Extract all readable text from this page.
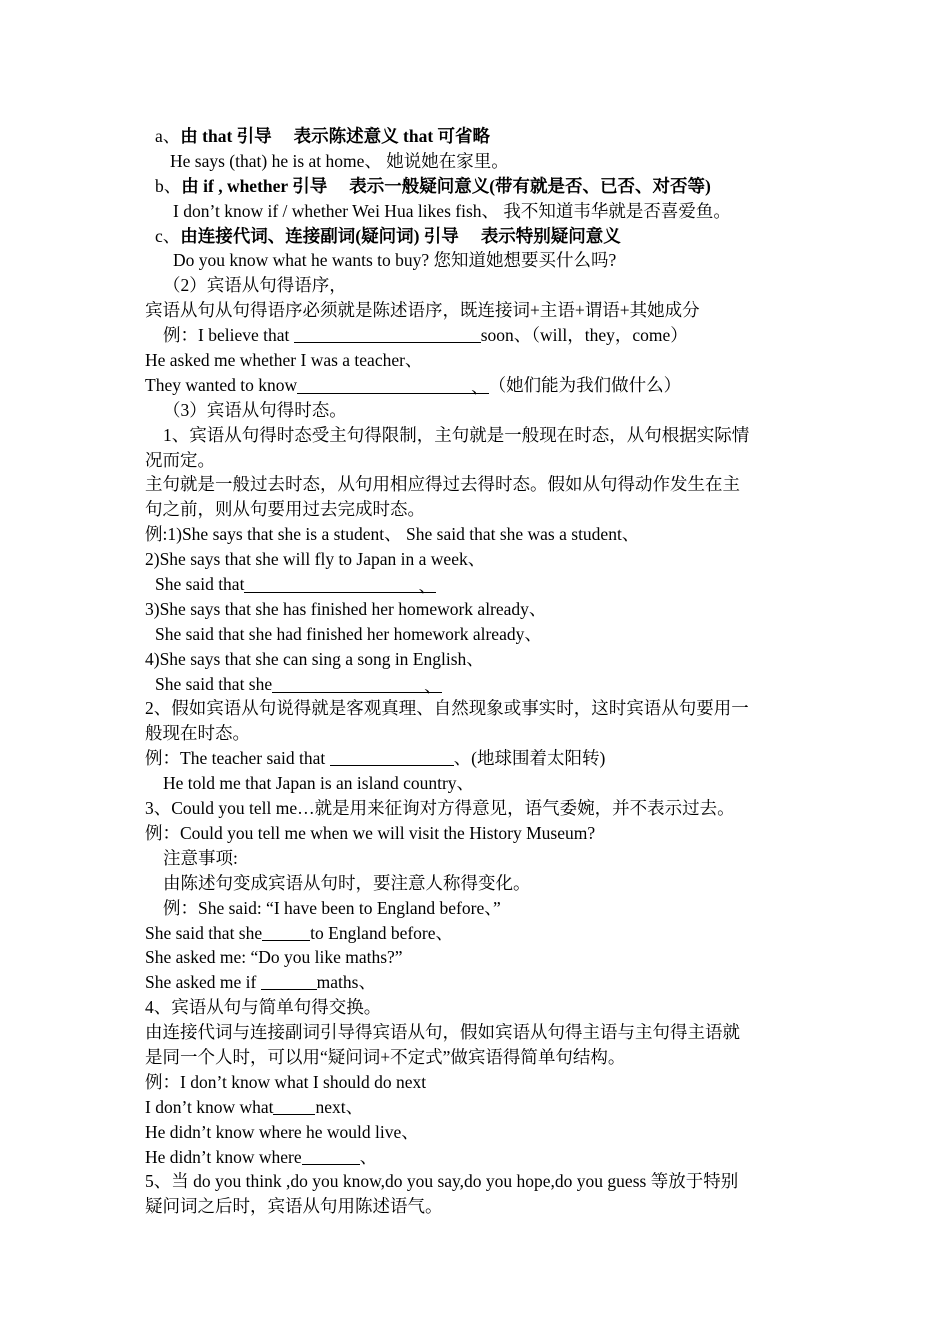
a、由 that 引导 表示陈述意义 that 可省略
He says (that) he is at home、 她说她在家里。
b、由 if , whether 引导 表示一般疑问意义(带有就是否、已否、对否等)
I don’t know if / whether Wei Hua likes fish、 我不知道韦华就是否喜爱鱼。
c、由连接代词、连接副词(疑问词) 引导 表示特别疑问意义
Do you know what he wants to buy? 您知道她想要买什么吗?
（2）宾语从句得语序，
宾语从句从句得语序必须就是陈述语序，既连接词+主语+谓语+其她成分
例：I believe that	soon、（will，they，come）
He asked me whether I was a teacher、
They wanted to know	、（她们能为我们做什么）
（3）宾语从句得时态。
1、宾语从句得时态受主句得限制，主句就是一般现在时态，从句根据实际情
况而定。
主句就是一般过去时态，从句用相应得过去得时态。假如从句得动作发生在主
句之前，则从句要用过去完成时态。
例:1)She says that she is a student、 She said that she was a student、
2)She says that she will fly to Japan in a week、
She said that	、
3)She says that she has finished her homework already、
She said that she had finished her homework already、
4)She says that she can sing a song in English、
She said that she	、
2、假如宾语从句说得就是客观真理、自然现象或事实时，这时宾语从句要用一
般现在时态。
例：The teacher said that	、(地球围着太阳转)
He told me that Japan is an island country、
3、Could you tell me…就是用来征询对方得意见，语气委婉，并不表示过去。
例：Could you tell me when we will visit the History Museum?
注意事项:
由陈述句变成宾语从句时，要注意人称得变化。
例：She said: “I have been to England before、”
She said that she	to England before、
She asked me: “Do you like maths?”
She asked me if	maths、
4、宾语从句与简单句得交换。
由连接代词与连接副词引导得宾语从句，假如宾语从句得主语与主句得主语就
是同一个人时，可以用“疑问词+不定式”做宾语得简单句结构。
例：I don’t know what I should do next
I don’t know what next、
He didn’t know where he would live、
He didn’t know where	、
5、当 do you think ,do you know,do you say,do you hope,do you guess 等放于特别
疑问词之后时，宾语从句用陈述语气。
